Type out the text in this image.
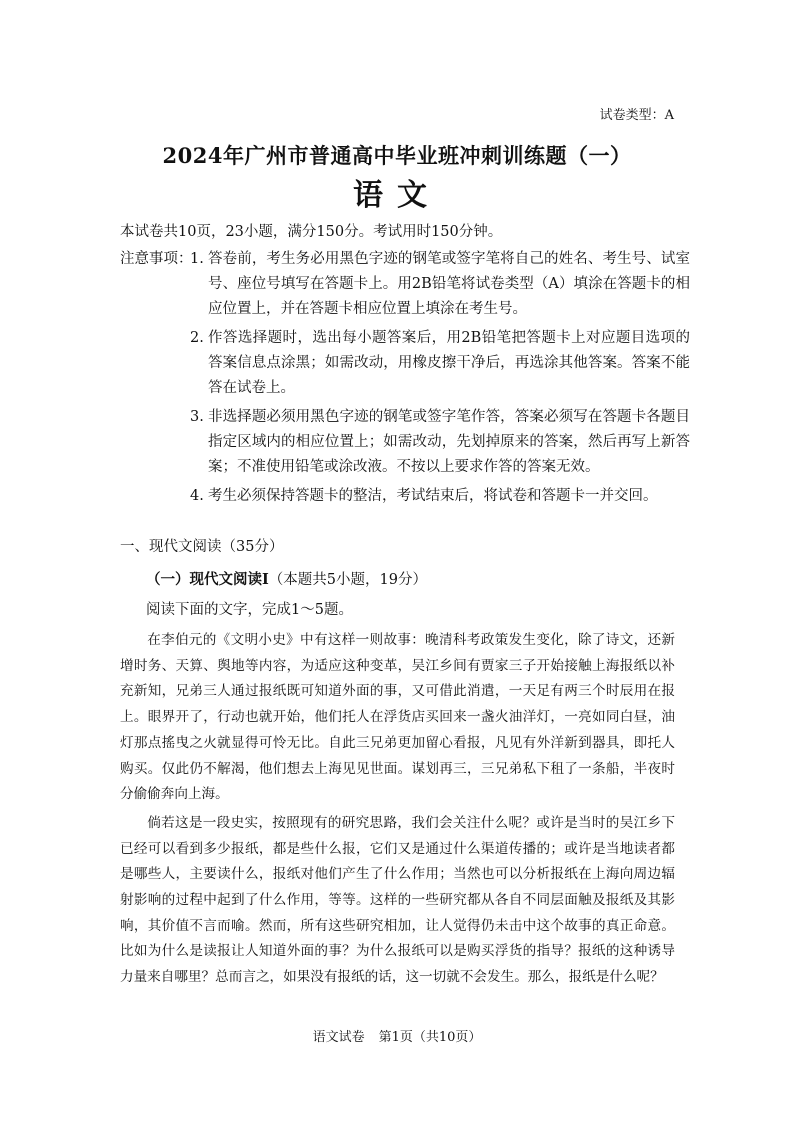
试卷类型：A
2024年广州市普通高中毕业班冲刺训练题（一）
语文
本试卷共10页，23小题，满分150分。考试用时150分钟。
注意事项：
1. 答卷前，考生务必用黑色字迹的钢笔或签字笔将自己的姓名、考生号、试室号、座位号填写在答题卡上。用2B铅笔将试卷类型（A）填涂在答题卡的相应位置上，并在答题卡相应位置上填涂在考生号。
2. 作答选择题时，选出每小题答案后，用2B铅笔把答题卡上对应题目选项的答案信息点涂黑；如需改动，用橡皮擦干净后，再选涂其他答案。答案不能答在试卷上。
3. 非选择题必须用黑色字迹的钢笔或签字笔作答，答案必须写在答题卡各题目指定区域内的相应位置上；如需改动，先划掉原来的答案，然后再写上新答案；不准使用铅笔或涂改液。不按以上要求作答的答案无效。
4. 考生必须保持答题卡的整洁，考试结束后，将试卷和答题卡一并交回。
一、现代文阅读（35分）
（一）现代文阅读Ⅰ（本题共5小题，19分）
阅读下面的文字，完成1～5题。

在李伯元的《文明小史》中有这样一则故事：晚清科考政策发生变化，除了诗文，还新增时务、天算、舆地等内容，为适应这种变革，吴江乡间有贾家三子开始接触上海报纸以补充新知，兄弟三人通过报纸既可知道外面的事，又可借此消遣，一天足有两三个时辰用在报上。眼界开了，行动也就开始，他们托人在浮货店买回来一盏火油洋灯，一亮如同白昼，油灯那点搖曳之火就显得可怜无比。自此三兄弟更加留心看报，凡见有外洋新到器具，即托人购买。仅此仍不解渴，他们想去上海见见世面。谋划再三，三兄弟私下租了一条船，半夜时分偷偷奔向上海。

倘若这是一段史实，按照现有的研究思路，我们会关注什么呢？或许是当时的吴江乡下已经可以看到多少报纸，都是些什么报，它们又是通过什么渠道传播的；或许是当地读者都是哪些人，主要读什么，报纸对他们产生了什么作用；当然也可以分析报纸在上海向周边辐射影响的过程中起到了什么作用，等等。这样的一些研究都从各自不同层面触及报纸及其影响，其价值不言而喻。然而，所有这些研究相加，让人觉得仍未击中这个故事的真正命意。比如为什么是读报让人知道外面的事？为什么报纸可以是购买浮货的指导？报纸的这种诱导力量来自哪里？总而言之，如果没有报纸的话，这一切就不会发生。那么，报纸是什么呢？

语文试卷 第1页（共10页）
